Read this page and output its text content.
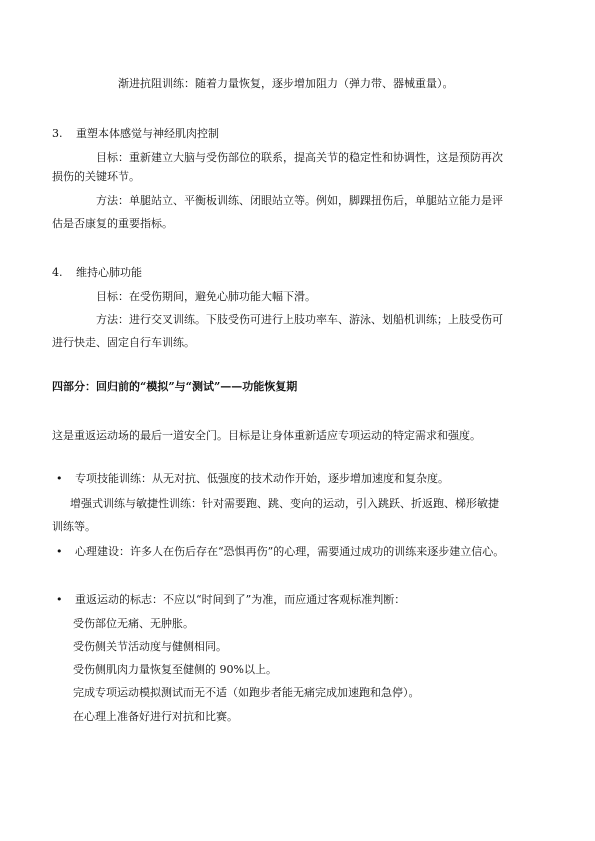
渐进抗阻训练：随着力量恢复，逐步增加阻力（弹力带、器械重量）。
3. 重塑本体感觉与神经肌肉控制
目标：重新建立大脑与受伤部位的联系，提高关节的稳定性和协调性，这是预防再次
损伤的关键环节。
方法：单腿站立、平衡板训练、闭眼站立等。例如，脚踝扭伤后，单腿站立能力是评
估是否康复的重要指标。
4. 维持心肺功能
目标：在受伤期间，避免心肺功能大幅下滑。
方法：进行交叉训练。下肢受伤可进行上肢功率车、游泳、划船机训练；上肢受伤可
进行快走、固定自行车训练。
四部分：回归前的“模拟”与“测试”——功能恢复期
这是重返运动场的最后一道安全门。目标是让身体重新适应专项运动的特定需求和强度。
• 专项技能训练：从无对抗、低强度的技术动作开始，逐步增加速度和复杂度。
增强式训练与敏捷性训练：针对需要跑、跳、变向的运动，引入跳跃、折返跑、梯形敏捷
训练等。
• 心理建设：许多人在伤后存在“恐惧再伤”的心理，需要通过成功的训练来逐步建立信心。
• 重返运动的标志：不应以“时间到了”为准，而应通过客观标准判断：
受伤部位无痛、无肿胀。
受伤侧关节活动度与健侧相同。
受伤侧肌肉力量恢复至健侧的 90%以上。
完成专项运动模拟测试而无不适（如跑步者能无痛完成加速跑和急停）。
在心理上准备好进行对抗和比赛。
